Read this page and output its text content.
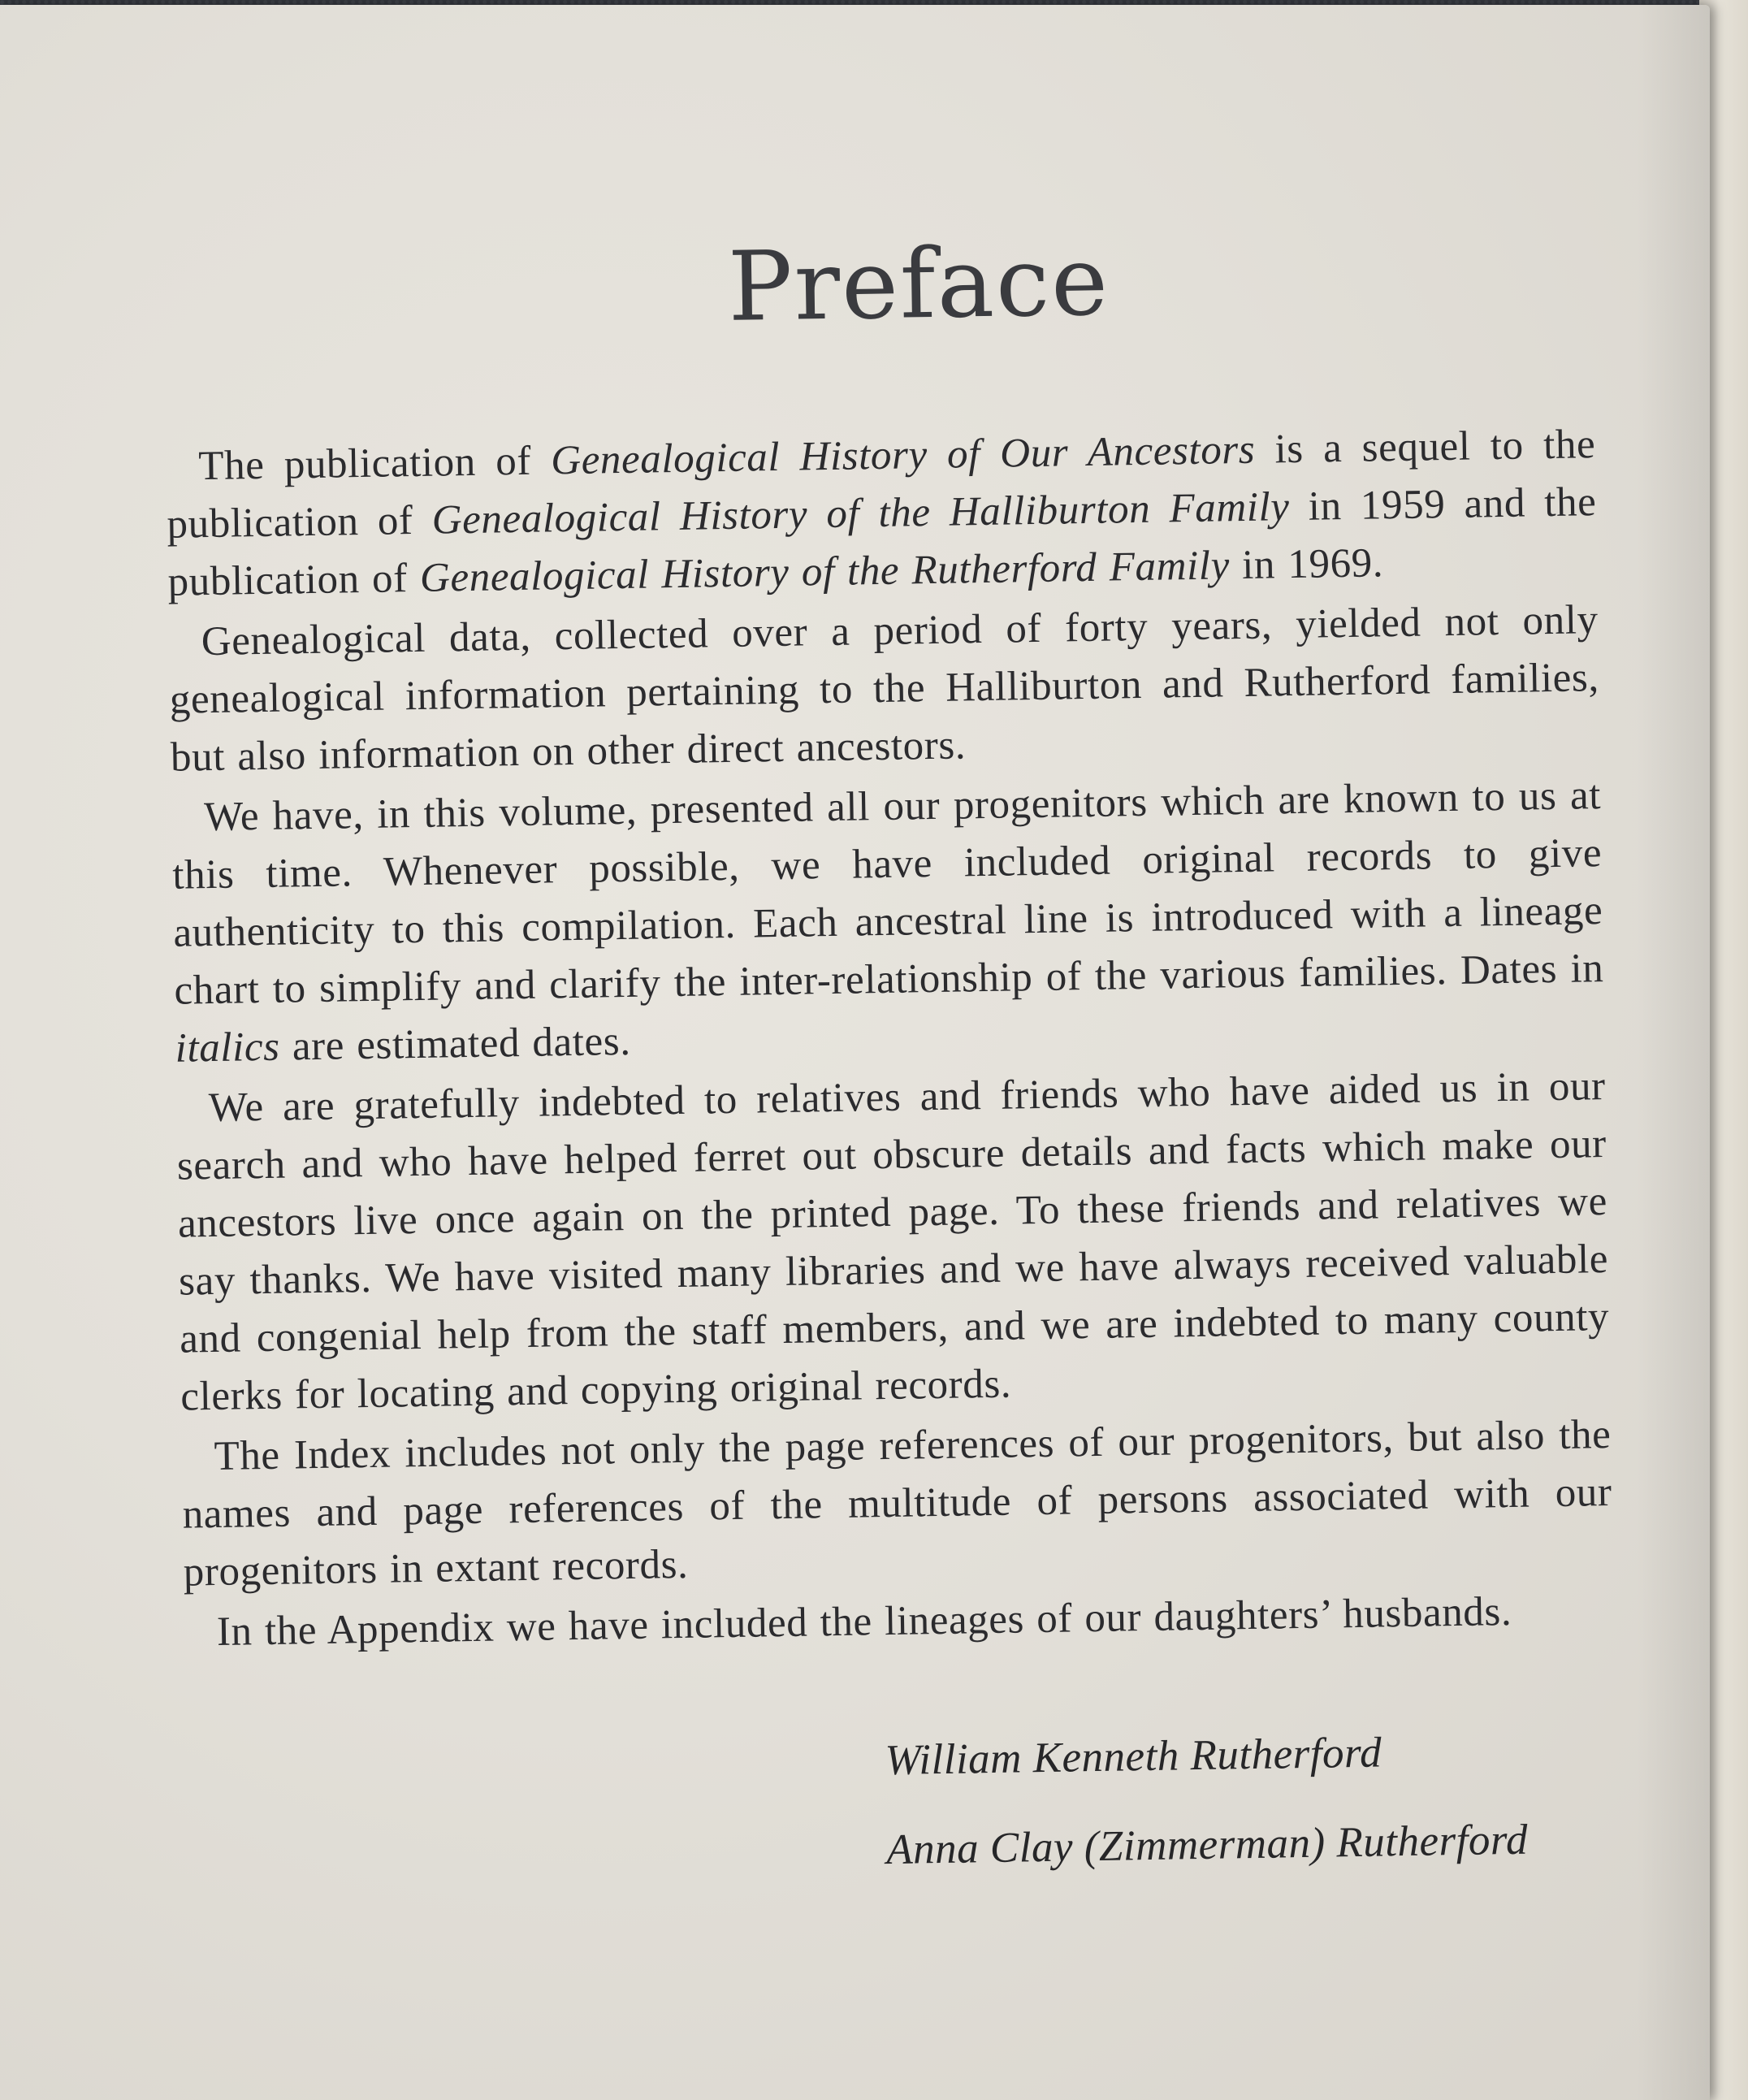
Preface

The publication of Genealogical History of Our Ancestors is a sequel to the publication of Genealogical History of the Halliburton Family in 1959 and the publication of Genealogical History of the Rutherford Family in 1969.

Genealogical data, collected over a period of forty years, yielded not only genealogical information pertaining to the Halliburton and Rutherford families, but also information on other direct ancestors.

We have, in this volume, presented all our progenitors which are known to us at this time. Whenever possible, we have included original records to give authenticity to this compilation. Each ancestral line is introduced with a lineage chart to simplify and clarify the inter-relationship of the various families. Dates in italics are estimated dates.

We are gratefully indebted to relatives and friends who have aided us in our search and who have helped ferret out obscure details and facts which make our ancestors live once again on the printed page. To these friends and relatives we say thanks. We have visited many libraries and we have always received valuable and congenial help from the staff members, and we are indebted to many county clerks for locating and copying original records.

The Index includes not only the page references of our progenitors, but also the names and page references of the multitude of persons associated with our progenitors in extant records.

In the Appendix we have included the lineages of our daughters’ husbands.

William Kenneth Rutherford
Anna Clay (Zimmerman) Rutherford
